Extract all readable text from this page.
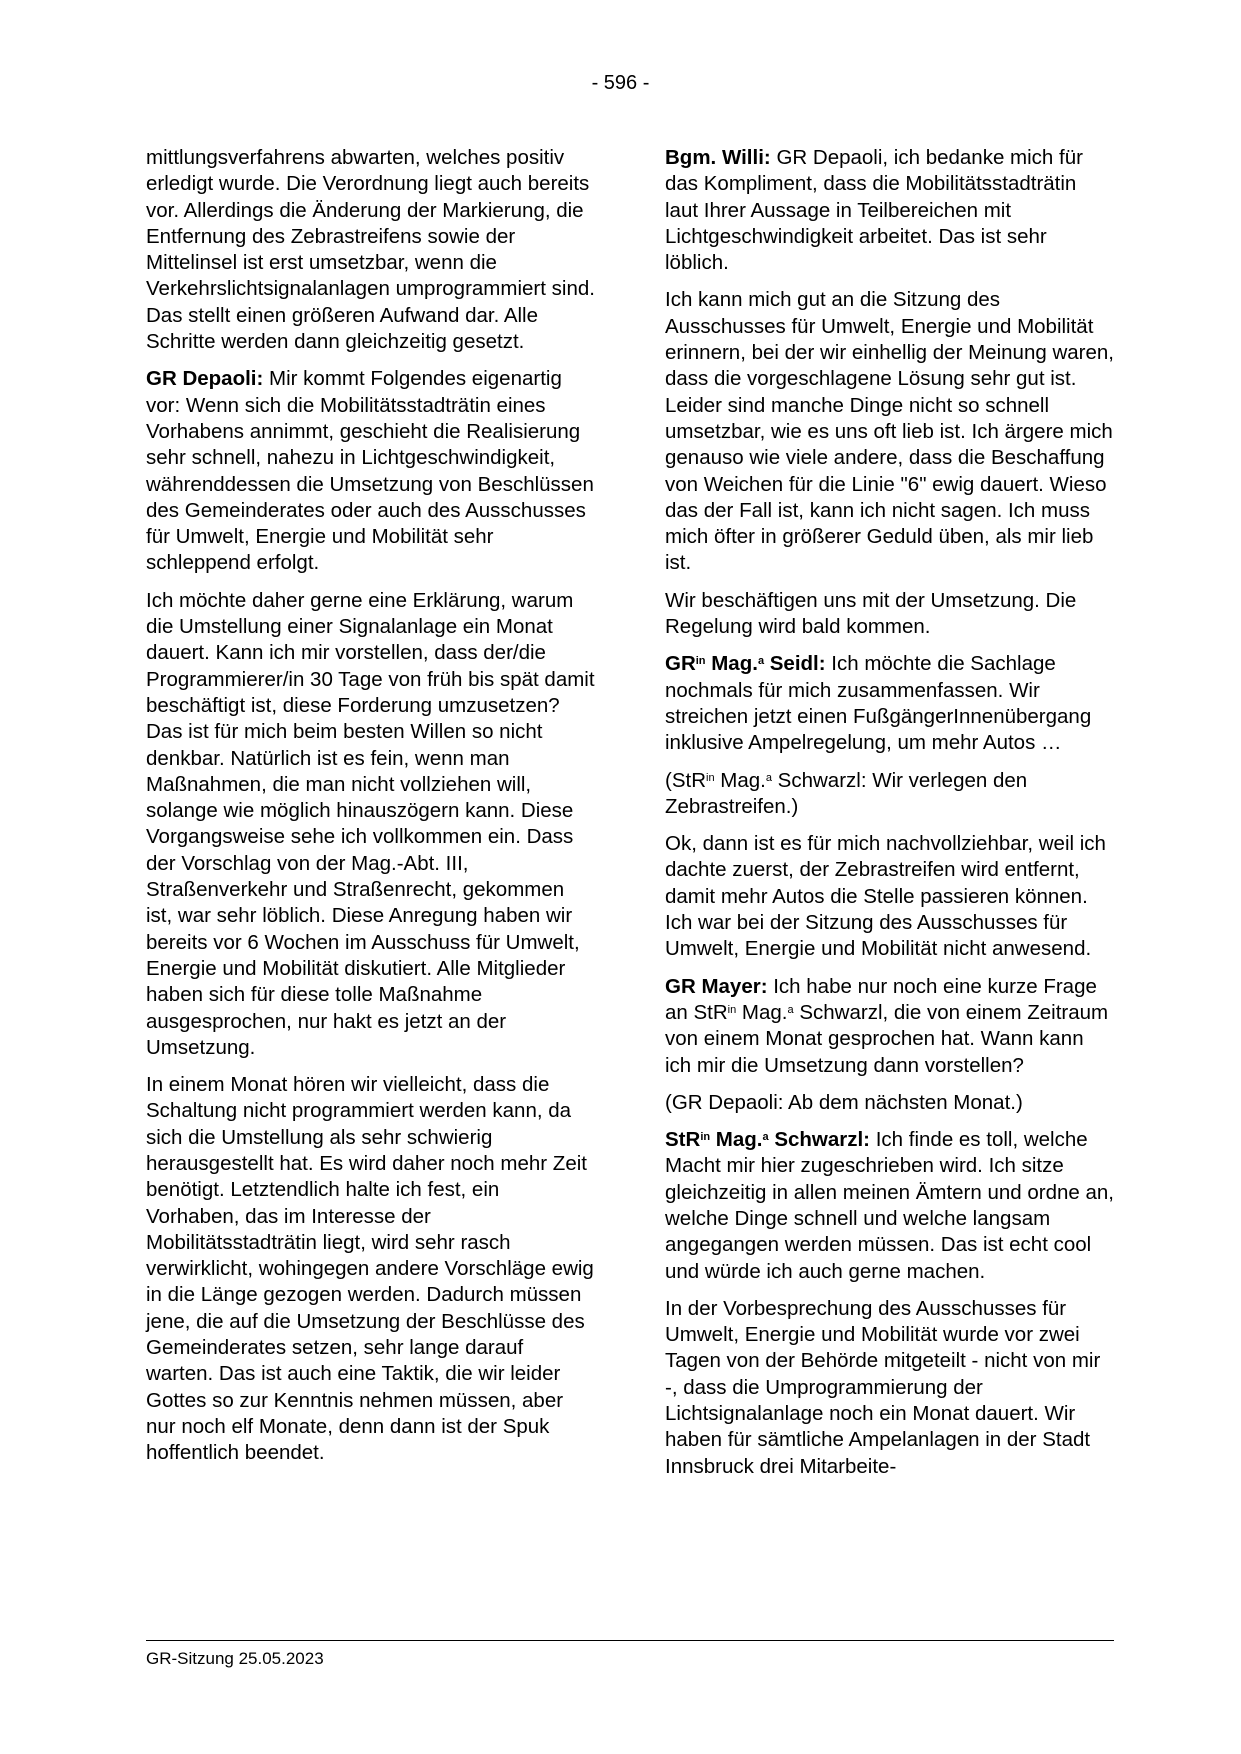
- 596 -

mittlungsverfahrens abwarten, welches positiv erledigt wurde. Die Verordnung liegt auch bereits vor. Allerdings die Änderung der Markierung, die Entfernung des Zebrastreifens sowie der Mittelinsel ist erst umsetzbar, wenn die Verkehrslichtsignalanlagen umprogrammiert sind. Das stellt einen größeren Aufwand dar. Alle Schritte werden dann gleichzeitig gesetzt.

GR Depaoli: Mir kommt Folgendes eigenartig vor: Wenn sich die Mobilitätsstadträtin eines Vorhabens annimmt, geschieht die Realisierung sehr schnell, nahezu in Lichtgeschwindigkeit, währenddessen die Umsetzung von Beschlüssen des Gemeinderates oder auch des Ausschusses für Umwelt, Energie und Mobilität sehr schleppend erfolgt.

Ich möchte daher gerne eine Erklärung, warum die Umstellung einer Signalanlage ein Monat dauert. Kann ich mir vorstellen, dass der/die Programmierer/in 30 Tage von früh bis spät damit beschäftigt ist, diese Forderung umzusetzen? Das ist für mich beim besten Willen so nicht denkbar. Natürlich ist es fein, wenn man Maßnahmen, die man nicht vollziehen will, solange wie möglich hinauszögern kann. Diese Vorgangsweise sehe ich vollkommen ein. Dass der Vorschlag von der Mag.-Abt. III, Straßenverkehr und Straßenrecht, gekommen ist, war sehr löblich. Diese Anregung haben wir bereits vor 6 Wochen im Ausschuss für Umwelt, Energie und Mobilität diskutiert. Alle Mitglieder haben sich für diese tolle Maßnahme ausgesprochen, nur hakt es jetzt an der Umsetzung.

In einem Monat hören wir vielleicht, dass die Schaltung nicht programmiert werden kann, da sich die Umstellung als sehr schwierig herausgestellt hat. Es wird daher noch mehr Zeit benötigt. Letztendlich halte ich fest, ein Vorhaben, das im Interesse der Mobilitätsstadträtin liegt, wird sehr rasch verwirklicht, wohingegen andere Vorschläge ewig in die Länge gezogen werden. Dadurch müssen jene, die auf die Umsetzung der Beschlüsse des Gemeinderates setzen, sehr lange darauf warten. Das ist auch eine Taktik, die wir leider Gottes so zur Kenntnis nehmen müssen, aber nur noch elf Monate, denn dann ist der Spuk hoffentlich beendet.

Bgm. Willi: GR Depaoli, ich bedanke mich für das Kompliment, dass die Mobilitätsstadträtin laut Ihrer Aussage in Teilbereichen mit Lichtgeschwindigkeit arbeitet. Das ist sehr löblich.

Ich kann mich gut an die Sitzung des Ausschusses für Umwelt, Energie und Mobilität erinnern, bei der wir einhellig der Meinung waren, dass die vorgeschlagene Lösung sehr gut ist. Leider sind manche Dinge nicht so schnell umsetzbar, wie es uns oft lieb ist. Ich ärgere mich genauso wie viele andere, dass die Beschaffung von Weichen für die Linie "6" ewig dauert. Wieso das der Fall ist, kann ich nicht sagen. Ich muss mich öfter in größerer Geduld üben, als mir lieb ist.

Wir beschäftigen uns mit der Umsetzung. Die Regelung wird bald kommen.

$GR^{in}$ Mag.$^a$ Seidl: Ich möchte die Sachlage nochmals für mich zusammenfassen. Wir streichen jetzt einen FußgängerInnenübergang inklusive Ampelregelung, um mehr Autos …

(StR$^{in}$ Mag.$^a$ Schwarzl: Wir verlegen den Zebrastreifen.)

Ok, dann ist es für mich nachvollziehbar, weil ich dachte zuerst, der Zebrastreifen wird entfernt, damit mehr Autos die Stelle passieren können. Ich war bei der Sitzung des Ausschusses für Umwelt, Energie und Mobilität nicht anwesend.

GR Mayer: Ich habe nur noch eine kurze Frage an StR$^{in}$ Mag.$^a$ Schwarzl, die von einem Zeitraum von einem Monat gesprochen hat. Wann kann ich mir die Umsetzung dann vorstellen?

(GR Depaoli: Ab dem nächsten Monat.)

StR$^{in}$ Mag.$^a$ Schwarzl: Ich finde es toll, welche Macht mir hier zugeschrieben wird. Ich sitze gleichzeitig in allen meinen Ämtern und ordne an, welche Dinge schnell und welche langsam angegangen werden müssen. Das ist echt cool und würde ich auch gerne machen.

In der Vorbesprechung des Ausschusses für Umwelt, Energie und Mobilität wurde vor zwei Tagen von der Behörde mitgeteilt - nicht von mir -, dass die Umprogrammierung der Lichtsignalanlage noch ein Monat dauert. Wir haben für sämtliche Ampelanlagen in der Stadt Innsbruck drei Mitarbeite-

GR-Sitzung 25.05.2023
